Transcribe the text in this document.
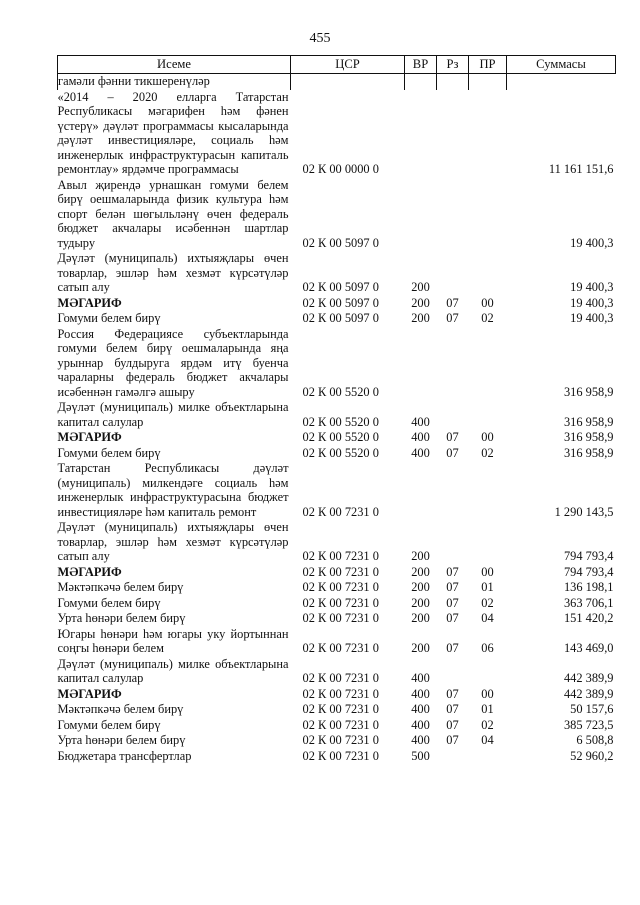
455
Исеме	ЦСР	ВР	Рз	ПР	Суммасы
гамәли фәнни тикшеренүләр					
«2014 – 2020 елларга Татарстан Республикасы мәгарифен һәм фәнен үстерү» дәүләт программасы кысаларында дәүләт инвестицияләре, социаль һәм инженерлык инфраструктурасын капиталь ремонтлау» ярдәмче программасы	02 К 00 0000 0				11 161 151,6
Авыл җирендә урнашкан гомуми белем бирү оешмаларында физик культура һәм спорт белән шөгыльләнү өчен федераль бюджет акчалары исәбеннән шартлар тудыру	02 К 00 5097 0				19 400,3
Дәүләт (муниципаль) ихтыяҗлары өчен товарлар, эшләр һәм хезмәт күрсәтүләр сатып алу	02 К 00 5097 0	200			19 400,3
МӘГАРИФ	02 К 00 5097 0	200	07	00	19 400,3
Гомуми белем бирү	02 К 00 5097 0	200	07	02	19 400,3
Россия Федерациясе субъектларында гомуми белем бирү оешмаларында яңа урыннар булдыруга ярдәм итү буенча чараларны федераль бюджет акчалары исәбеннән гамәлгә ашыру	02 К 00 5520 0				316 958,9
Дәүләт (муниципаль) милке объектларына капитал салулар	02 К 00 5520 0	400			316 958,9
МӘГАРИФ	02 К 00 5520 0	400	07	00	316 958,9
Гомуми белем бирү	02 К 00 5520 0	400	07	02	316 958,9
Татарстан Республикасы дәүләт (муниципаль) милкендәге социаль һәм инженерлык инфраструктурасына бюджет инвестицияләре һәм капиталь ремонт	02 К 00 7231 0				1 290 143,5
Дәүләт (муниципаль) ихтыяҗлары өчен товарлар, эшләр һәм хезмәт күрсәтүләр сатып алу	02 К 00 7231 0	200			794 793,4
МӘГАРИФ	02 К 00 7231 0	200	07	00	794 793,4
Мәктәпкәчә белем бирү	02 К 00 7231 0	200	07	01	136 198,1
Гомуми белем бирү	02 К 00 7231 0	200	07	02	363 706,1
Урта һөнәри белем бирү	02 К 00 7231 0	200	07	04	151 420,2
Югары һөнәри һәм югары уку йортыннан соңгы һөнәри белем	02 К 00 7231 0	200	07	06	143 469,0
Дәүләт (муниципаль) милке объектларына капитал салулар	02 К 00 7231 0	400			442 389,9
МӘГАРИФ	02 К 00 7231 0	400	07	00	442 389,9
Мәктәпкәчә белем бирү	02 К 00 7231 0	400	07	01	50 157,6
Гомуми белем бирү	02 К 00 7231 0	400	07	02	385 723,5
Урта һөнәри белем бирү	02 К 00 7231 0	400	07	04	6 508,8
Бюджетара трансфертлар	02 К 00 7231 0	500			52 960,2
